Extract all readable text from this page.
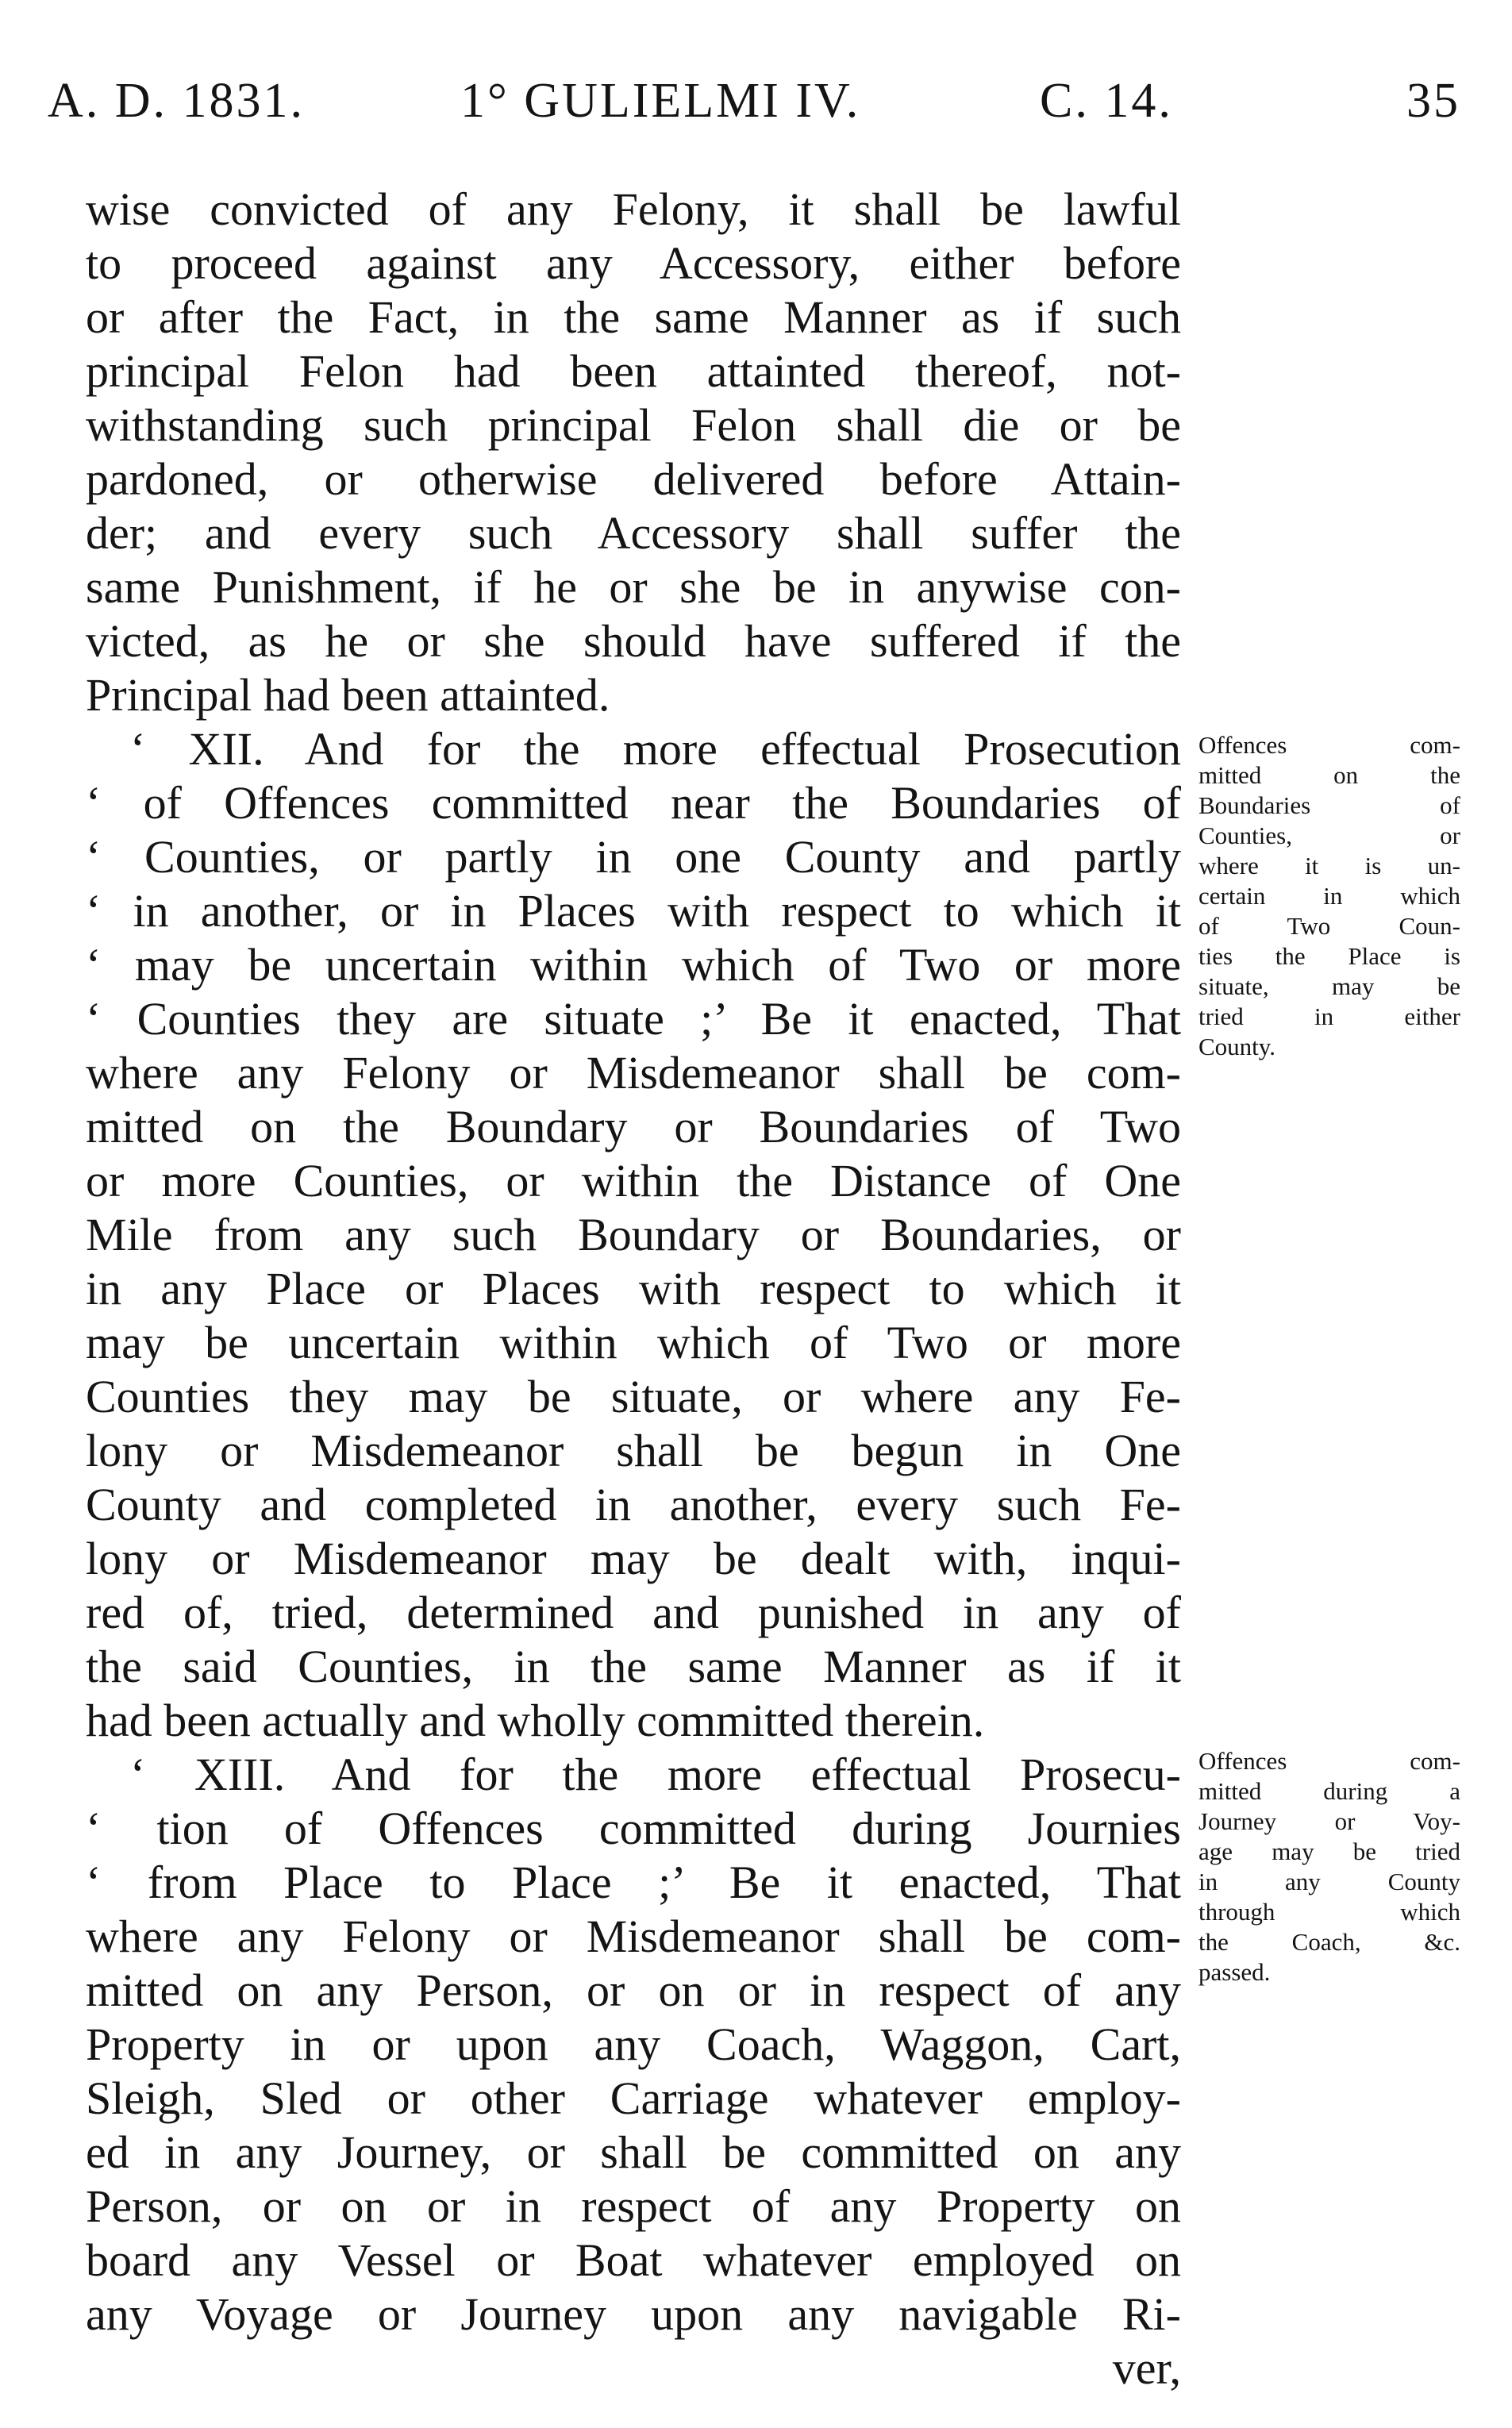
A. D. 1831.	1° GULIELMI IV.	C. 14.	35
wise convicted of any Felony, it shall be lawful
to proceed against any Accessory, either before
or after the Fact, in the same Manner as if such
principal Felon had been attainted thereof, not-
withstanding such principal Felon shall die or be
pardoned, or otherwise delivered before Attain-
der; and every such Accessory shall suffer the
same Punishment, if he or she be in anywise con-
victed, as he or she should have suffered if the
Principal had been attainted.
‘ XII. And for the more effectual Prosecution
‘ of Offences committed near the Boundaries of
‘ Counties, or partly in one County and partly
‘ in another, or in Places with respect to which it
‘ may be uncertain within which of Two or more
‘ Counties they are situate ;’ Be it enacted, That
where any Felony or Misdemeanor shall be com-
mitted on the Boundary or Boundaries of Two
or more Counties, or within the Distance of One
Mile from any such Boundary or Boundaries, or
in any Place or Places with respect to which it
may be uncertain within which of Two or more
Counties they may be situate, or where any Fe-
lony or Misdemeanor shall be begun in One
County and completed in another, every such Fe-
lony or Misdemeanor may be dealt with, inqui-
red of, tried, determined and punished in any of
the said Counties, in the same Manner as if it
had been actually and wholly committed therein.
‘ XIII. And for the more effectual Prosecu-
‘ tion of Offences committed during Journies
‘ from Place to Place ;’ Be it enacted, That
where any Felony or Misdemeanor shall be com-
mitted on any Person, or on or in respect of any
Property in or upon any Coach, Waggon, Cart,
Sleigh, Sled or other Carriage whatever employ-
ed in any Journey, or shall be committed on any
Person, or on or in respect of any Property on
board any Vessel or Boat whatever employed on
any Voyage or Journey upon any navigable Ri-
ver,
Offences com-
mitted on the
Boundaries of
Counties, or
where it is un-
certain in which
of Two Coun-
ties the Place is
situate, may be
tried in either
County.
Offences com-
mitted during a
Journey or Voy-
age may be tried
in any County
through which
the Coach, &c.
passed.
